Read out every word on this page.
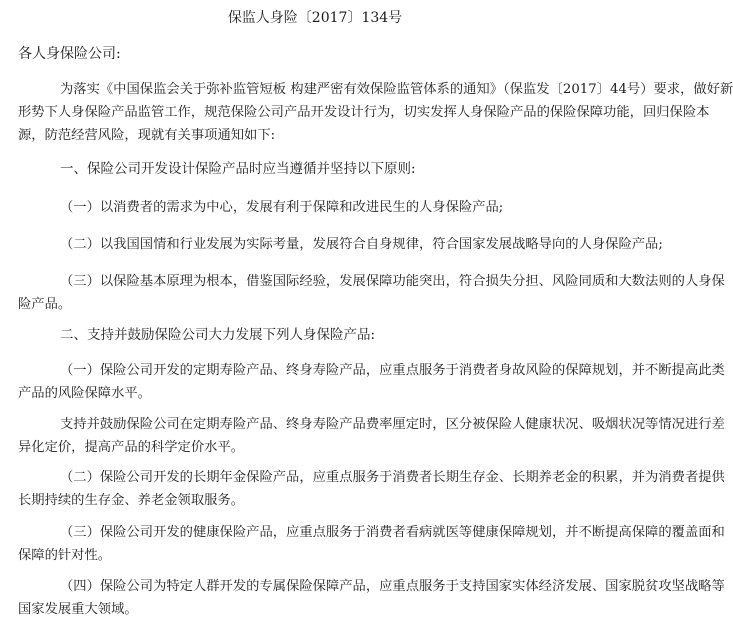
保监人身险〔2017〕134号
各人身保险公司:

为落实《中国保监会关于弥补监管短板 构建严密有效保险监管体系的通知》（保监发〔2017〕44号）要求，做好新
形势下人身保险产品监管工作，规范保险公司产品开发设计行为，切实发挥人身保险产品的保险保障功能，回归保险本
源，防范经营风险，现就有关事项通知如下:

一、保险公司开发设计保险产品时应当遵循并坚持以下原则:

（一）以消费者的需求为中心，发展有利于保障和改进民生的人身保险产品;

（二）以我国国情和行业发展为实际考量，发展符合自身规律，符合国家发展战略导向的人身保险产品;

（三）以保险基本原理为根本，借鉴国际经验，发展保障功能突出，符合损失分担、风险同质和大数法则的人身保
险产品。

二、支持并鼓励保险公司大力发展下列人身保险产品:

（一）保险公司开发的定期寿险产品、终身寿险产品，应重点服务于消费者身故风险的保障规划，并不断提高此类
产品的风险保障水平。

支持并鼓励保险公司在定期寿险产品、终身寿险产品费率厘定时，区分被保险人健康状况、吸烟状况等情况进行差
异化定价，提高产品的科学定价水平。

（二）保险公司开发的长期年金保险产品，应重点服务于消费者长期生存金、长期养老金的积累，并为消费者提供
长期持续的生存金、养老金领取服务。

（三）保险公司开发的健康保险产品，应重点服务于消费者看病就医等健康保障规划，并不断提高保障的覆盖面和
保障的针对性。

（四）保险公司为特定人群开发的专属保险保障产品，应重点服务于支持国家实体经济发展、国家脱贫攻坚战略等
国家发展重大领域。
